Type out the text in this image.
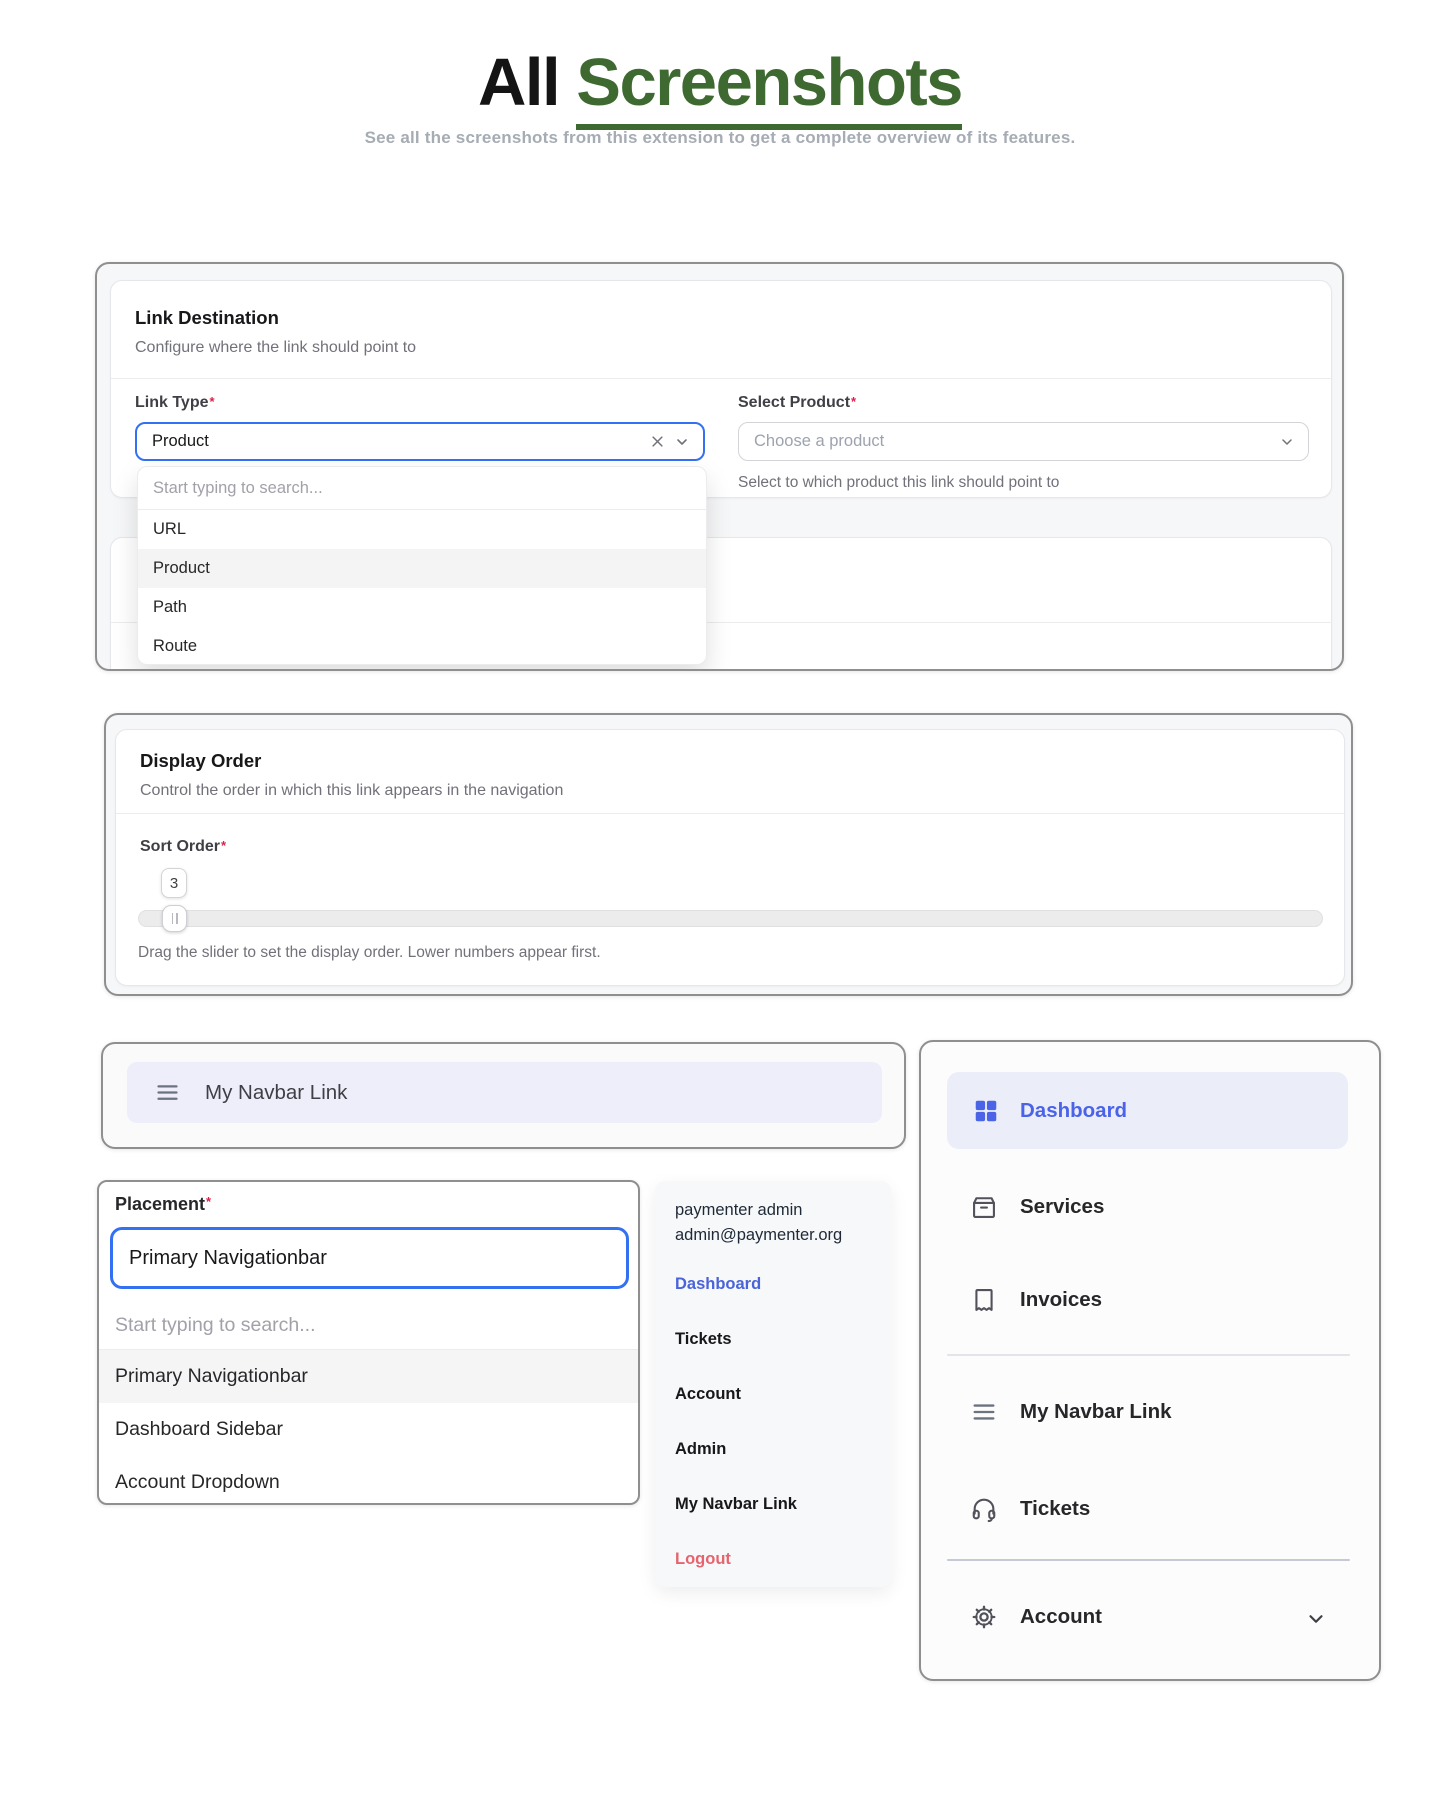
All Screenshots
See all the screenshots from this extension to get a complete overview of its features.
Link Destination
Configure where the link should point to
Link Type*
Product
Select Product*
Choose a product
Select to which product this link should point to
Start typing to search...
URL
Product
Path
Route
Display Order
Control the order in which this link appears in the navigation
Sort Order*
3
Drag the slider to set the display order. Lower numbers appear first.
My Navbar Link
Placement*
Primary Navigationbar
Start typing to search...
Primary Navigationbar
Dashboard Sidebar
Account Dropdown
paymenter admin
admin@paymenter.org
Dashboard
Tickets
Account
Admin
My Navbar Link
Logout
Dashboard
Services
Invoices
My Navbar Link
Tickets
Account
